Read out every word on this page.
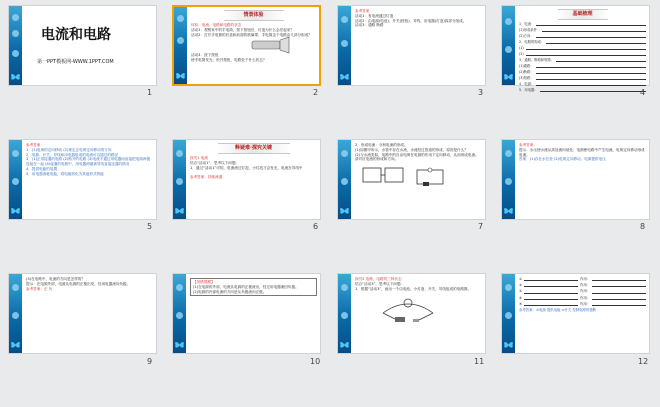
电流和电路
第一PPT模板网-WWW.1PPT.COM
1
情景体验
体验：电流、电路和电路的状态
活动1：观察家中的手电筒，按下按钮后，灯泡为什么会亮起来？
活动2：打开手电筒的后盖和前面的玻璃罩，手电筒这个电路由几部分组成？
活动3：按下按钮
使手电筒发光；松开按钮，电路处于什么状态？
2
参考答案：
活动1：有电流通过灯泡
活动2：由电源(电池)、开关(按钮)、导线、用电器(灯泡)四部分组成。
活动3：通路 断路
3
基础梳理
1．电流：
(1)形成条件：
(2)方向：
2．电路的构成：
(1)
(2)
3．通路、断路和短路：
(1)通路：
(2)断路：
(3)短路：
4．电源：
5．用电器：	4
参考答案：
1．(1)电荷的定向移动 (2)规定正电荷定向移动的方向
2．电源、开关、导线和用电器组成的电流可以通过的路径
3．(1)正常接通的电路 (2)断开的电路 (3)电流不通过用电器而直接把电源两极连接在一起 (4)接通的电路中，用电器两端被导线直接连通的情况
4．提供电能的装置
5．用电器消耗电能，将电能转化为其他形式的能
5
释疑难·探究关键
探究1 电流
结合“活动1”，思考以下问题：
1．通过“活动1”可知，电流流过灯泡，小灯泡才会发光，电流在导线中
参考答案：持续流通
6
2．形成电流：分析电流的形成。
(1)如图甲所示，水管中存在水流，水流经过管道的形成，原因是什么？
(2)与水流类似，电路中的自由电荷在电源的作用下定向移动，从而形成电流。请对应电流的形成和方向。
7
参考答案：
提示：水压使水流从高处流向低处；电源使电路中产生电流，电荷定向移动形成电流。
答案：(1)存在水位差 (2)电荷定向移动，电源提供电压
8
(3)在电路中，电流的方向是怎样的？
提示：在电源外部，电流从电源的正极出发，经用电器流向负极。
参考答案：正 负
9
【易错提醒】
(1)在电源的外部，电流从电源的正极流出，经过用电器流回负极。
(2)电源的内部电流的方向是从负极流向正极。
10
探究2 电路、电路的三种状态
结合“活动3”，思考以下问题：
1．根据“活动3”，画出一个由电池、小灯泡、开关、导线组成的电路图。
11
①	作用：
②	作用：
③	作用：
④	作用：
⑤	作用：
参考答案：①电源 提供电能 ②开关 控制电路的通断
12
